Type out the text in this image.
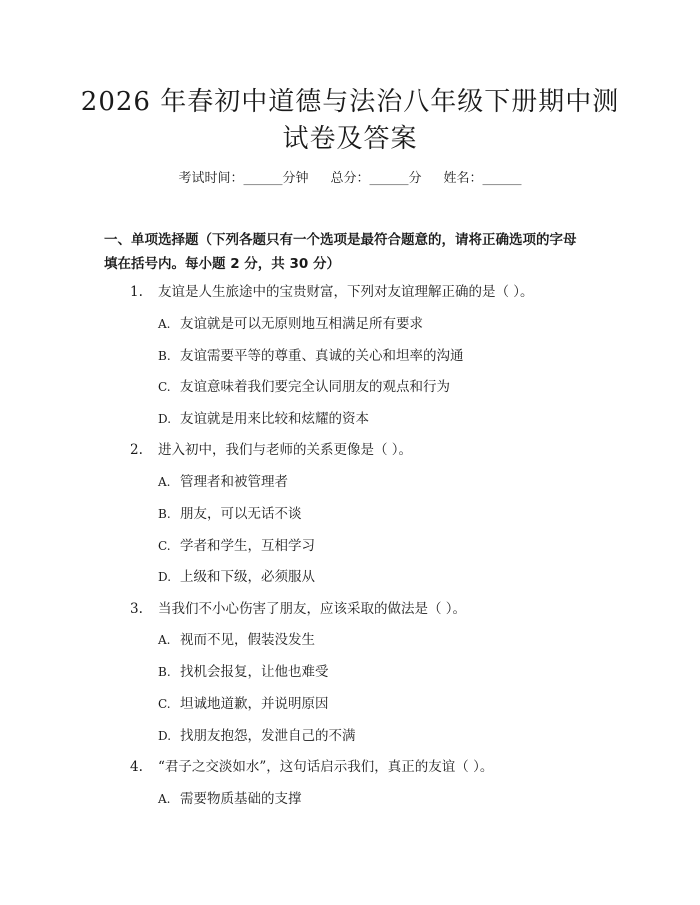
2026 年春初中道德与法治八年级下册期中测
试卷及答案
考试时间：______分钟 总分：______分 姓名：______
一、单项选择题（下列各题只有一个选项是最符合题意的，请将正确选项的字母
填在括号内。每小题 2 分，共 30 分）
1. 友谊是人生旅途中的宝贵财富，下列对友谊理解正确的是（ ）。
A. 友谊就是可以无原则地互相满足所有要求
B. 友谊需要平等的尊重、真诚的关心和坦率的沟通
C. 友谊意味着我们要完全认同朋友的观点和行为
D. 友谊就是用来比较和炫耀的资本
2. 进入初中，我们与老师的关系更像是（ ）。
A. 管理者和被管理者
B. 朋友，可以无话不谈
C. 学者和学生，互相学习
D. 上级和下级，必须服从
3. 当我们不小心伤害了朋友，应该采取的做法是（ ）。
A. 视而不见，假装没发生
B. 找机会报复，让他也难受
C. 坦诚地道歉，并说明原因
D. 找朋友抱怨，发泄自己的不满
4. “君子之交淡如水”，这句话启示我们，真正的友谊（ ）。
A. 需要物质基础的支撑
